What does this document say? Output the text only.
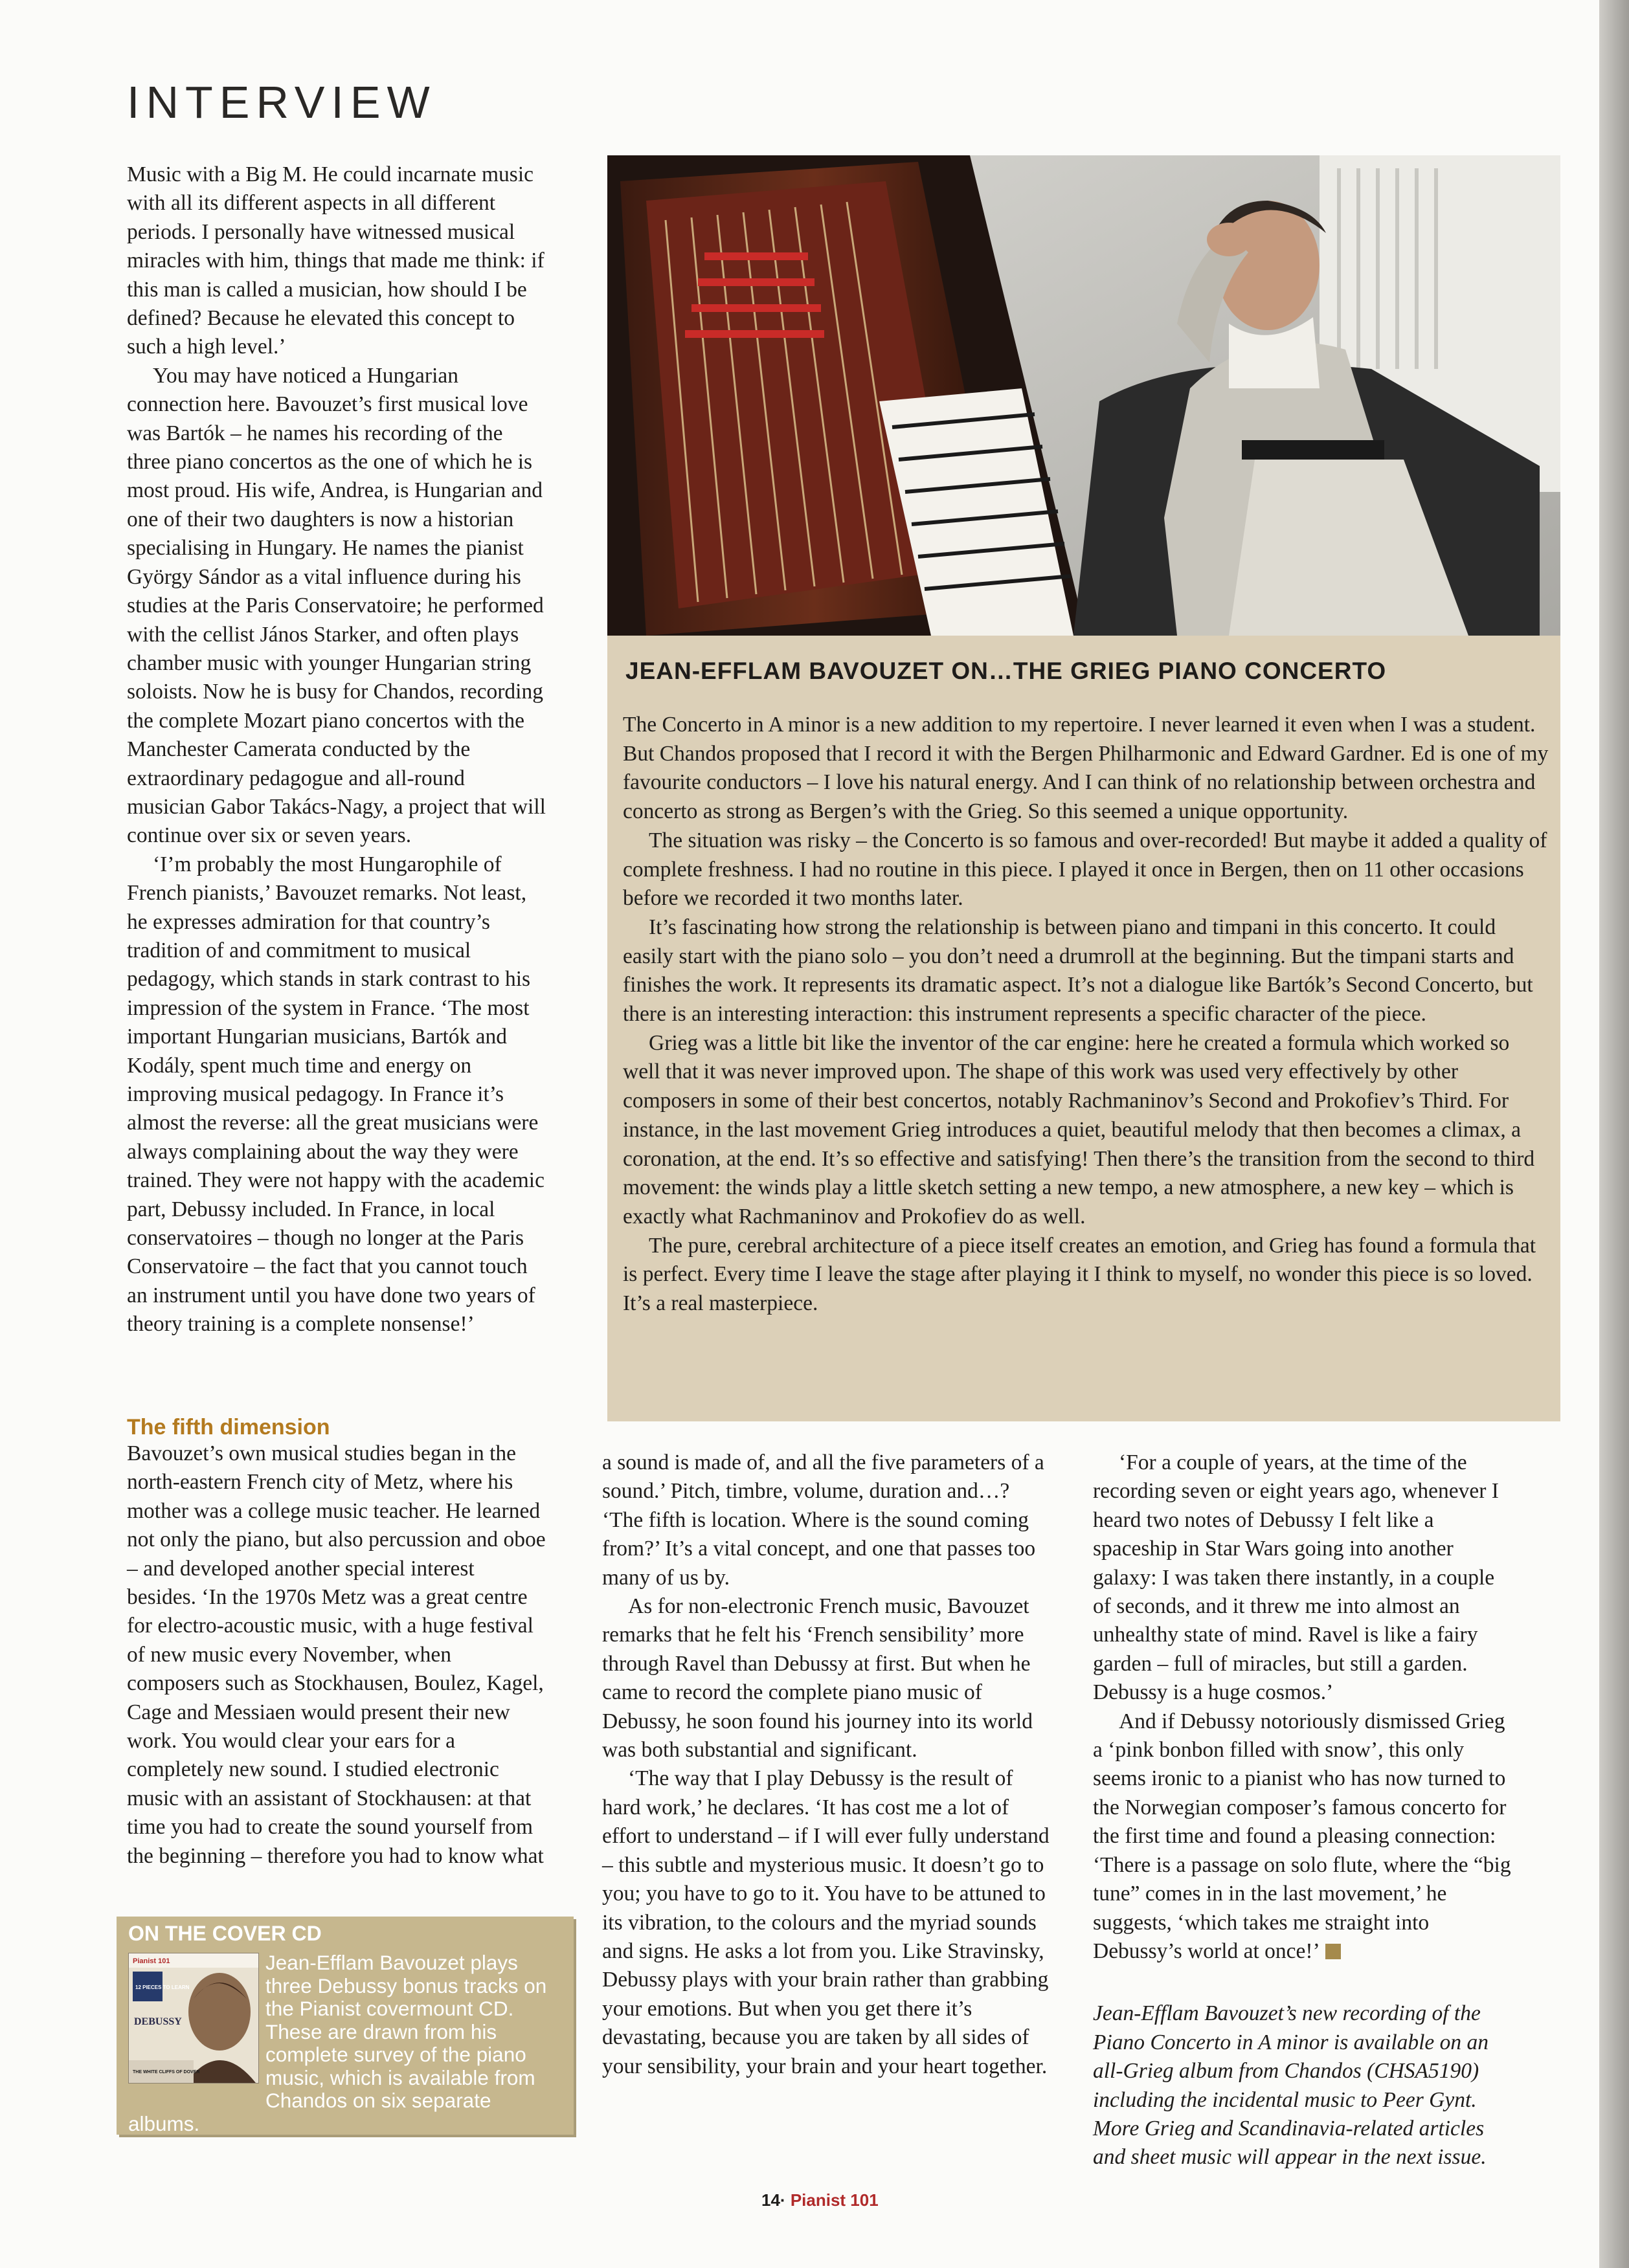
INTERVIEW

Music with a Big M. He could incarnate music with all its different aspects in all different periods. I personally have witnessed musical miracles with him, things that made me think: if this man is called a musician, how should I be defined? Because he elevated this concept to such a high level.’

You may have noticed a Hungarian connection here. Bavouzet’s first musical love was Bartók – he names his recording of the three piano concertos as the one of which he is most proud. His wife, Andrea, is Hungarian and one of their two daughters is now a historian specialising in Hungary. He names the pianist György Sándor as a vital influence during his studies at the Paris Conservatoire; he performed with the cellist János Starker, and often plays chamber music with younger Hungarian string soloists. Now he is busy for Chandos, recording the complete Mozart piano concertos with the Manchester Camerata conducted by the extraordinary pedagogue and all-round musician Gabor Takács-Nagy, a project that will continue over six or seven years.

‘I’m probably the most Hungarophile of French pianists,’ Bavouzet remarks. Not least, he expresses admiration for that country’s tradition of and commitment to musical pedagogy, which stands in stark contrast to his impression of the system in France. ‘The most important Hungarian musicians, Bartók and Kodály, spent much time and energy on improving musical pedagogy. In France it’s almost the reverse: all the great musicians were always complaining about the way they were trained. They were not happy with the academic part, Debussy included. In France, in local conservatoires – though no longer at the Paris Conservatoire – the fact that you cannot touch an instrument until you have done two years of theory training is a complete nonsense!’

The fifth dimension

Bavouzet’s own musical studies began in the north-eastern French city of Metz, where his mother was a college music teacher. He learned not only the piano, but also percussion and oboe – and developed another special interest besides. ‘In the 1970s Metz was a great centre for electro-acoustic music, with a huge festival of new music every November, when composers such as Stockhausen, Boulez, Kagel, Cage and Messiaen would present their new work. You would clear your ears for a completely new sound. I studied electronic music with an assistant of Stockhausen: at that time you had to create the sound yourself from the beginning – therefore you had to know what

JEAN-EFFLAM BAVOUZET ON…THE GRIEG PIANO CONCERTO

The Concerto in A minor is a new addition to my repertoire. I never learned it even when I was a student. But Chandos proposed that I record it with the Bergen Philharmonic and Edward Gardner. Ed is one of my favourite conductors – I love his natural energy. And I can think of no relationship between orchestra and concerto as strong as Bergen’s with the Grieg. So this seemed a unique opportunity.

The situation was risky – the Concerto is so famous and over-recorded! But maybe it added a quality of complete freshness. I had no routine in this piece. I played it once in Bergen, then on 11 other occasions before we recorded it two months later.

It’s fascinating how strong the relationship is between piano and timpani in this concerto. It could easily start with the piano solo – you don’t need a drumroll at the beginning. But the timpani starts and finishes the work. It represents its dramatic aspect. It’s not a dialogue like Bartók’s Second Concerto, but there is an interesting interaction: this instrument represents a specific character of the piece.

Grieg was a little bit like the inventor of the car engine: here he created a formula which worked so well that it was never improved upon. The shape of this work was used very effectively by other composers in some of their best concertos, notably Rachmaninov’s Second and Prokofiev’s Third. For instance, in the last movement Grieg introduces a quiet, beautiful melody that then becomes a climax, a coronation, at the end. It’s so effective and satisfying! Then there’s the transition from the second to third movement: the winds play a little sketch setting a new tempo, a new atmosphere, a new key – which is exactly what Rachmaninov and Prokofiev do as well.

The pure, cerebral architecture of a piece itself creates an emotion, and Grieg has found a formula that is perfect. Every time I leave the stage after playing it I think to myself, no wonder this piece is so loved. It’s a real masterpiece.

a sound is made of, and all the five parameters of a sound.’ Pitch, timbre, volume, duration and…? ‘The fifth is location. Where is the sound coming from?’ It’s a vital concept, and one that passes too many of us by.

As for non-electronic French music, Bavouzet remarks that he felt his ‘French sensibility’ more through Ravel than Debussy at first. But when he came to record the complete piano music of Debussy, he soon found his journey into its world was both substantial and significant.

‘The way that I play Debussy is the result of hard work,’ he declares. ‘It has cost me a lot of effort to understand – if I will ever fully understand – this subtle and mysterious music. It doesn’t go to you; you have to go to it. You have to be attuned to its vibration, to the colours and the myriad sounds and signs. He asks a lot from you. Like Stravinsky, Debussy plays with your brain rather than grabbing your emotions. But when you get there it’s devastating, because you are taken by all sides of your sensibility, your brain and your heart together.

‘For a couple of years, at the time of the recording seven or eight years ago, whenever I heard two notes of Debussy I felt like a spaceship in Star Wars going into another galaxy: I was taken there instantly, in a couple of seconds, and it threw me into almost an unhealthy state of mind. Ravel is like a fairy garden – full of miracles, but still a garden. Debussy is a huge cosmos.’

And if Debussy notoriously dismissed Grieg a ‘pink bonbon filled with snow’, this only seems ironic to a pianist who has now turned to the Norwegian composer’s famous concerto for the first time and found a pleasing connection: ‘There is a passage on solo flute, where the “big tune” comes in in the last movement,’ he suggests, ‘which takes me straight into Debussy’s world at once!’

Jean-Efflam Bavouzet’s new recording of the Piano Concerto in A minor is available on an all-Grieg album from Chandos (CHSA5190) including the incidental music to Peer Gynt. More Grieg and Scandinavia-related articles and sheet music will appear in the next issue.

ON THE COVER CD
Pianist 101
12 PIECES TO LEARN
DEBUSSY
THE WHITE CLIFFS OF DOVER
Jean-Efflam Bavouzet plays three Debussy bonus tracks on the Pianist covermount CD. These are drawn from his complete survey of the piano music, which is available from Chandos on six separate albums.
14· Pianist 101
